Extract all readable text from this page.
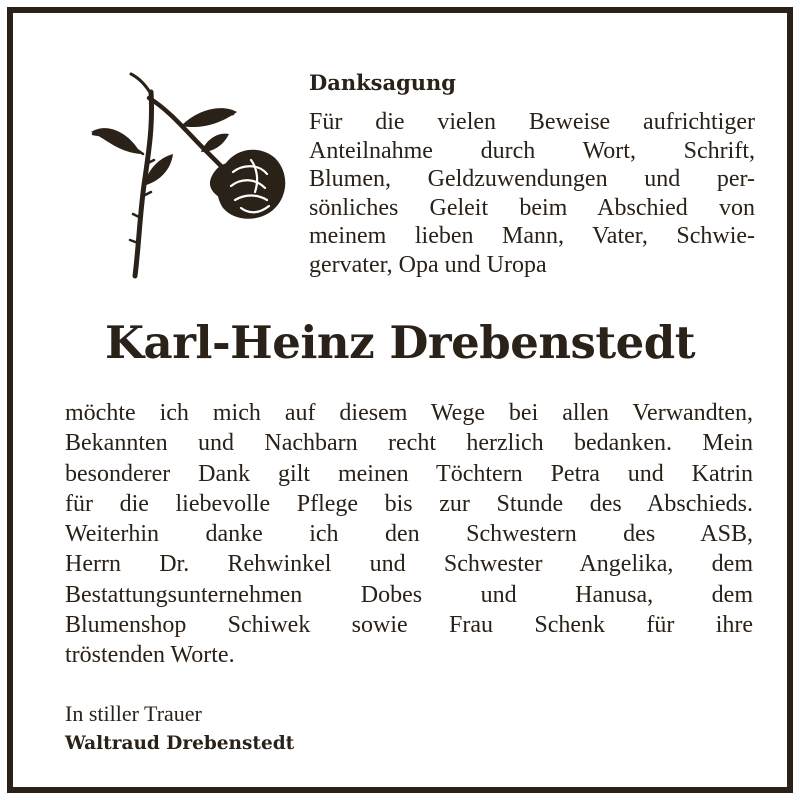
Danksagung
Für die vielen Beweise aufrichtiger
Anteilnahme durch Wort, Schrift,
Blumen, Geldzuwendungen und per-
sönliches Geleit beim Abschied von
meinem lieben Mann, Vater, Schwie-
gervater, Opa und Uropa
Karl-Heinz Drebenstedt
möchte ich mich auf diesem Wege bei allen Verwandten,
Bekannten und Nachbarn recht herzlich bedanken. Mein
besonderer Dank gilt meinen Töchtern Petra und Katrin
für die liebevolle Pflege bis zur Stunde des Abschieds.
Weiterhin danke ich den Schwestern des ASB,
Herrn Dr. Rehwinkel und Schwester Angelika, dem
Bestattungsunternehmen Dobes und Hanusa, dem
Blumenshop Schiwek sowie Frau Schenk für ihre
tröstenden Worte.
In stiller Trauer
Waltraud Drebenstedt
